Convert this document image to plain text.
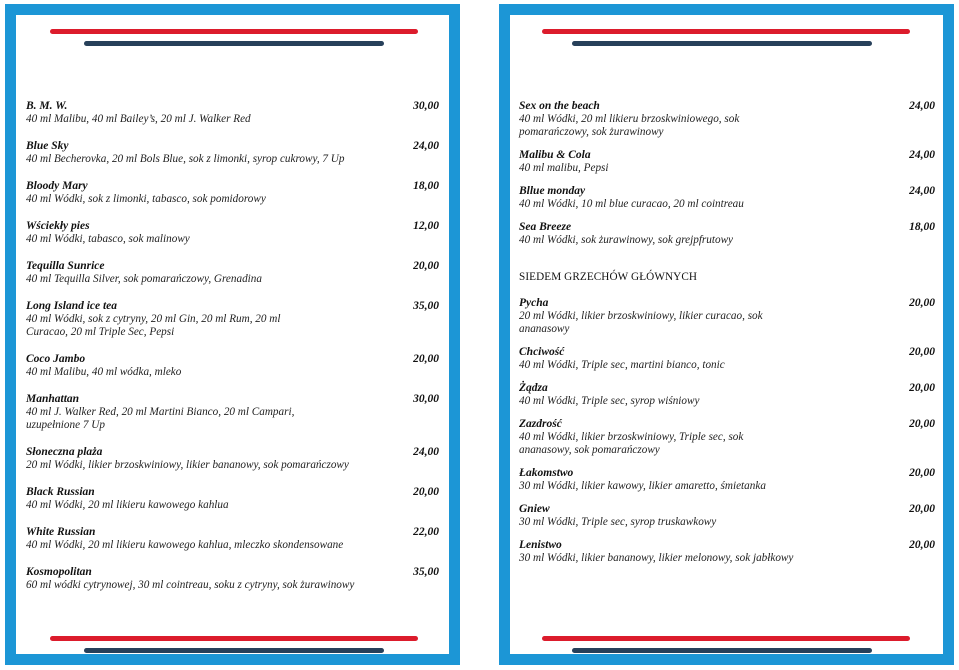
B. M. W.	30,00
40 ml Malibu, 40 ml Bailey’s, 20 ml J. Walker Red
Blue Sky	24,00
40 ml Becherovka, 20 ml Bols Blue, sok z limonki, syrop cukrowy, 7 Up
Bloody Mary	18,00
40 ml Wódki, sok z limonki, tabasco, sok pomidorowy
Wściekły pies	12,00
40 ml Wódki, tabasco, sok malinowy
Tequilla Sunrice	20,00
40 ml Tequilla Silver, sok pomarańczowy, Grenadina
Long Island ice tea	35,00
40 ml Wódki, sok z cytryny, 20 ml Gin, 20 ml Rum, 20 ml Curacao, 20 ml Triple Sec, Pepsi
Coco Jambo	20,00
40 ml Malibu, 40 ml wódka, mleko
Manhattan	30,00
40 ml J. Walker Red, 20 ml Martini Bianco, 20 ml Campari, uzupełnione 7 Up
Słoneczna plaża	24,00
20 ml Wódki, likier brzoskwiniowy, likier bananowy, sok pomarańczowy
Black Russian	20,00
40 ml Wódki, 20 ml likieru kawowego kahlua
White Russian	22,00
40 ml Wódki, 20 ml likieru kawowego kahlua, mleczko skondensowane
Kosmopolitan	35,00
60 ml wódki cytrynowej, 30 ml cointreau, soku z cytryny, sok żurawinowy
Sex on the beach	24,00
40 ml Wódki, 20 ml likieru brzoskwiniowego, sok pomarańczowy, sok żurawinowy
Malibu & Cola	24,00
40 ml malibu, Pepsi
Bllue monday	24,00
40 ml Wódki, 10 ml blue curacao, 20 ml cointreau
Sea Breeze	18,00
40 ml Wódki, sok żurawinowy, sok grejpfrutowy
SIEDEM GRZECHÓW GŁÓWNYCH
Pycha	20,00
20 ml Wódki, likier brzoskwiniowy, likier curacao, sok ananasowy
Chciwość	20,00
40 ml Wódki, Triple sec, martini bianco, tonic
Żądza	20,00
40 ml Wódki, Triple sec, syrop wiśniowy
Zazdrość	20,00
40 ml Wódki, likier brzoskwiniowy, Triple sec, sok ananasowy, sok pomarańczowy
Łakomstwo	20,00
30 ml Wódki, likier kawowy, likier amaretto, śmietanka
Gniew	20,00
30 ml Wódki, Triple sec, syrop truskawkowy
Lenistwo	20,00
30 ml Wódki, likier bananowy, likier melonowy, sok jabłkowy
